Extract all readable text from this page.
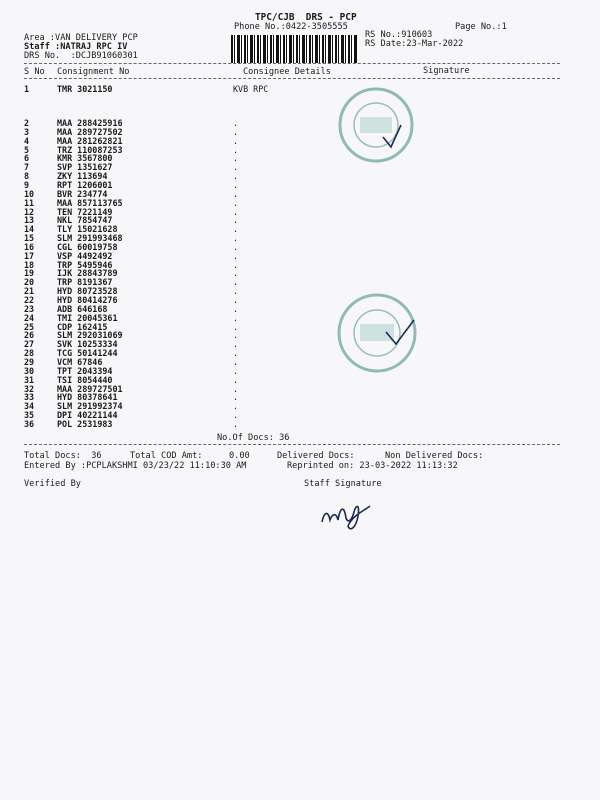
TPC/CJB  DRS - PCP
Phone No.:0422-3505555	Page No.:1
Area :VAN DELIVERY PCP
Staff :NATRAJ RPC IV
DRS No.  :DCJB91060301
RS No.:910603
RS Date:23-Mar-2022
S No Consignment No	Consignee Details	Signature
1	TMR 3021150	KVB RPC
2	MAA 288425916	.
3	MAA 289727502	.
4	MAA 281262821	.
5	TRZ 110087253	.
6	KMR 3567800	.
7	SVP 1351627	.
8	ZKY 113694	.
9	RPT 1206001	.
10	BVR 234774	.
11	MAA 857113765	.
12	TEN 7221149	.
13	NKL 7854747	.
14	TLY 15021628	.
15	SLM 291993468	.
16	CGL 60019758	.
17	VSP 4492492	.
18	TRP 5495946	.
19	IJK 28843789	.
20	TRP 8191367	.
21	HYD 80723528	.
22	HYD 80414276	.
23	ADB 646168	.
24	TMI 20045361	.
25	CDP 162415	.
26	SLM 292031069	.
27	SVK 10253334	.
28	TCG 50141244	.
29	VCM 67846	.
30	TPT 2043394	.
31	TSI 8054440	.
32	MAA 289727501	.
33	HYD 80378641	.
34	SLM 291992374	.
35	DPI 40221144	.
36	POL 2531983	.
No.Of Docs: 36
Total Docs:  36	Total COD Amt:	0.00	Delivered Docs:	Non Delivered Docs:
Entered By :PCPLAKSHMI 03/23/22 11:10:30 AM	Reprinted on: 23-03-2022 11:13:32
Verified By	Staff Signature
